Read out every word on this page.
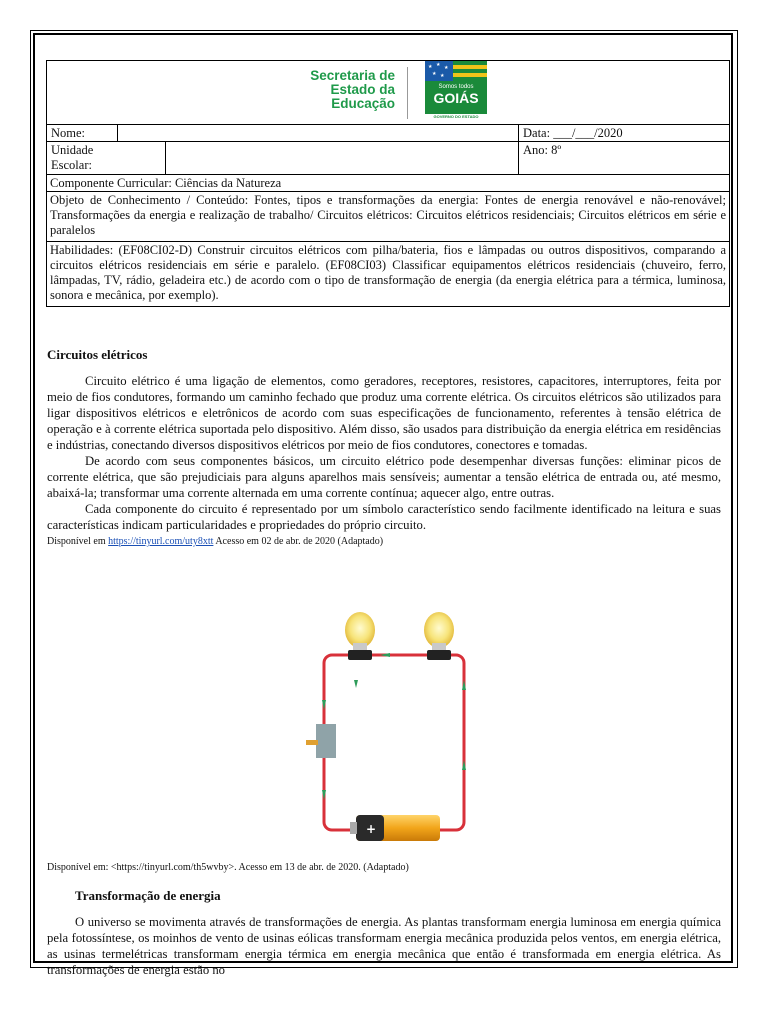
Secretaria de
Estado da
Educação
★ ★ ★
★ ★
Somos todos
GOIÁS
GOVERNO DO ESTADO
Nome:	Data: ___/___/2020
Unidade
Escolar:
Ano: 8º
Componente Curricular: Ciências da Natureza
Objeto de Conhecimento / Conteúdo: Fontes, tipos e transformações da energia: Fontes de energia renovável e não-renovável; Transformações da energia e realização de trabalho/ Circuitos elétricos: Circuitos elétricos residenciais; Circuitos elétricos em série e paralelos
Habilidades: (EF08CI02-D) Construir circuitos elétricos com pilha/bateria, fios e lâmpadas ou outros dispositivos, comparando a circuitos elétricos residenciais em série e paralelo. (EF08CI03) Classificar equipamentos elétricos residenciais (chuveiro, ferro, lâmpadas, TV, rádio, geladeira etc.) de acordo com o tipo de transformação de energia (da energia elétrica para a térmica, luminosa, sonora e mecânica, por exemplo).
Circuitos elétricos
Circuito elétrico é uma ligação de elementos, como geradores, receptores, resistores, capacitores, interruptores, feita por meio de fios condutores, formando um caminho fechado que produz uma corrente elétrica. Os circuitos elétricos são utilizados para ligar dispositivos elétricos e eletrônicos de acordo com suas especificações de funcionamento, referentes à tensão elétrica de operação e à corrente elétrica suportada pelo dispositivo. Além disso, são usados para distribuição da energia elétrica em residências e indústrias, conectando diversos dispositivos elétricos por meio de fios condutores, conectores e tomadas.
De acordo com seus componentes básicos, um circuito elétrico pode desempenhar diversas funções: eliminar picos de corrente elétrica, que são prejudiciais para alguns aparelhos mais sensíveis; aumentar a tensão elétrica de entrada ou, até mesmo, abaixá-la; transformar uma corrente alternada em uma corrente contínua; aquecer algo, entre outras.
Cada componente do circuito é representado por um símbolo característico sendo facilmente identificado na leitura e suas características indicam particularidades e propriedades do próprio circuito.
Disponível em https://tinyurl.com/uty8xtt Acesso em 02 de abr. de 2020 (Adaptado)
+
Disponível em: <https://tinyurl.com/th5wvby>. Acesso em 13 de abr. de 2020. (Adaptado)
Transformação de energia
O universo se movimenta através de transformações de energia. As plantas transformam energia luminosa em energia química pela fotossíntese, os moinhos de vento de usinas eólicas transformam energia mecânica produzida pelos ventos, em energia elétrica, as usinas termelétricas transformam energia térmica em energia mecânica que então é transformada em energia elétrica. As transformações de energia estão no
